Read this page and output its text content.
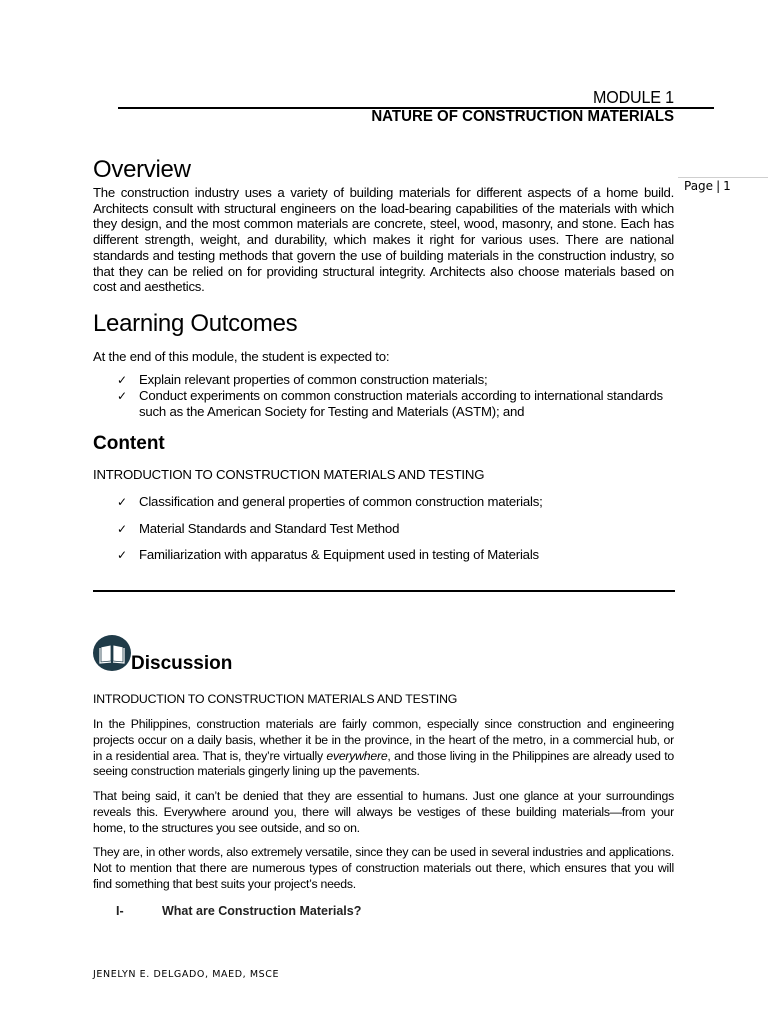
MODULE 1
NATURE OF CONSTRUCTION MATERIALS
Page | 1
Overview
The construction industry uses a variety of building materials for different aspects of a home build. Architects consult with structural engineers on the load-bearing capabilities of the materials with which they design, and the most common materials are concrete, steel, wood, masonry, and stone. Each has different strength, weight, and durability, which makes it right for various uses. There are national standards and testing methods that govern the use of building materials in the construction industry, so that they can be relied on for providing structural integrity. Architects also choose materials based on cost and aesthetics.
Learning Outcomes
At the end of this module, the student is expected to:
✓ Explain relevant properties of common construction materials;
✓ Conduct experiments on common construction materials according to international standards such as the American Society for Testing and Materials (ASTM); and
Content
INTRODUCTION TO CONSTRUCTION MATERIALS AND TESTING
✓ Classification and general properties of common construction materials;
✓ Material Standards and Standard Test Method
✓ Familiarization with apparatus & Equipment used in testing of Materials
Discussion
INTRODUCTION TO CONSTRUCTION MATERIALS AND TESTING
In the Philippines, construction materials are fairly common, especially since construction and engineering projects occur on a daily basis, whether it be in the province, in the heart of the metro, in a commercial hub, or in a residential area. That is, they’re virtually everywhere, and those living in the Philippines are already used to seeing construction materials gingerly lining up the pavements.
That being said, it can’t be denied that they are essential to humans. Just one glance at your surroundings reveals this. Everywhere around you, there will always be vestiges of these building materials—from your home, to the structures you see outside, and so on.
They are, in other words, also extremely versatile, since they can be used in several industries and applications. Not to mention that there are numerous types of construction materials out there, which ensures that you will find something that best suits your project’s needs.
I-	What are Construction Materials?
JENELYN E. DELGADO, MAED, MSCE
